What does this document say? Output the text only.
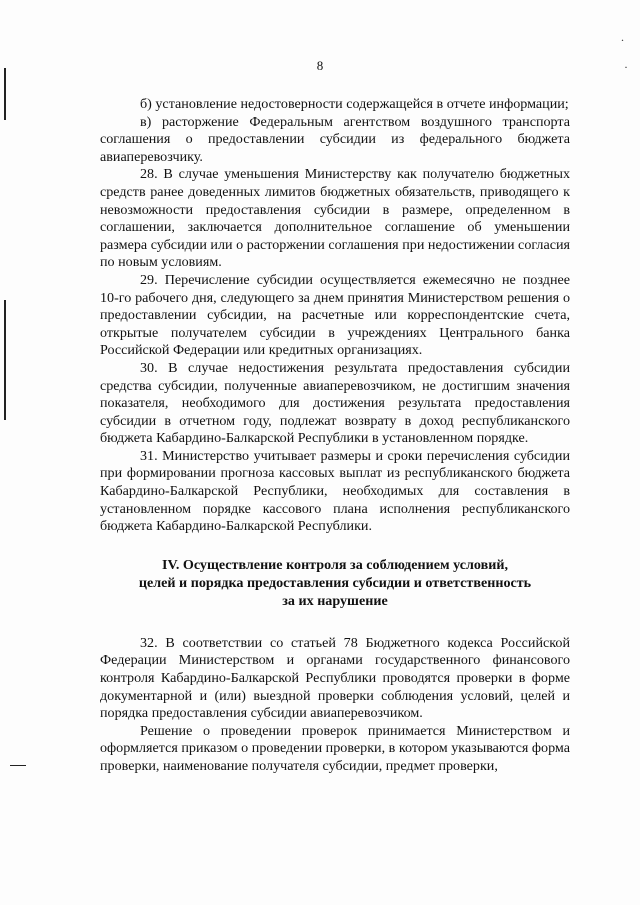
.
·
8

б) установление недостоверности содержащейся в отчете информации;

в) расторжение Федеральным агентством воздушного транспорта соглашения о предоставлении субсидии из федерального бюджета авиаперевозчику.

28. В случае уменьшения Министерству как получателю бюджетных средств ранее доведенных лимитов бюджетных обязательств, приводящего к невозможности предоставления субсидии в размере, определенном в соглашении, заключается дополнительное соглашение об уменьшении размера субсидии или о расторжении соглашения при недостижении согласия по новым условиям.

29. Перечисление субсидии осуществляется ежемесячно не позднее 10-го рабочего дня, следующего за днем принятия Министерством решения о предоставлении субсидии, на расчетные или корреспондентские счета, открытые получателем субсидии в учреждениях Центрального банка Российской Федерации или кредитных организациях.

30. В случае недостижения результата предоставления субсидии средства субсидии, полученные авиаперевозчиком, не достигшим значения показателя, необходимого для достижения результата предоставления субсидии в отчетном году, подлежат возврату в доход республиканского бюджета Кабардино-Балкарской Республики в установленном порядке.

31. Министерство учитывает размеры и сроки перечисления субсидии при формировании прогноза кассовых выплат из республиканского бюджета Кабардино-Балкарской Республики, необходимых для составления в установленном порядке кассового плана исполнения республиканского бюджета Кабардино-Балкарской Республики.

IV. Осуществление контроля за соблюдением условий,
целей и порядка предоставления субсидии и ответственность
за их нарушение

32. В соответствии со статьей 78 Бюджетного кодекса Российской Федерации Министерством и органами государственного финансового контроля Кабардино-Балкарской Республики проводятся проверки в форме документарной и (или) выездной проверки соблюдения условий, целей и порядка предоставления субсидии авиаперевозчиком.

Решение о проведении проверок принимается Министерством и оформляется приказом о проведении проверки, в котором указываются форма проверки, наименование получателя субсидии, предмет проверки,
